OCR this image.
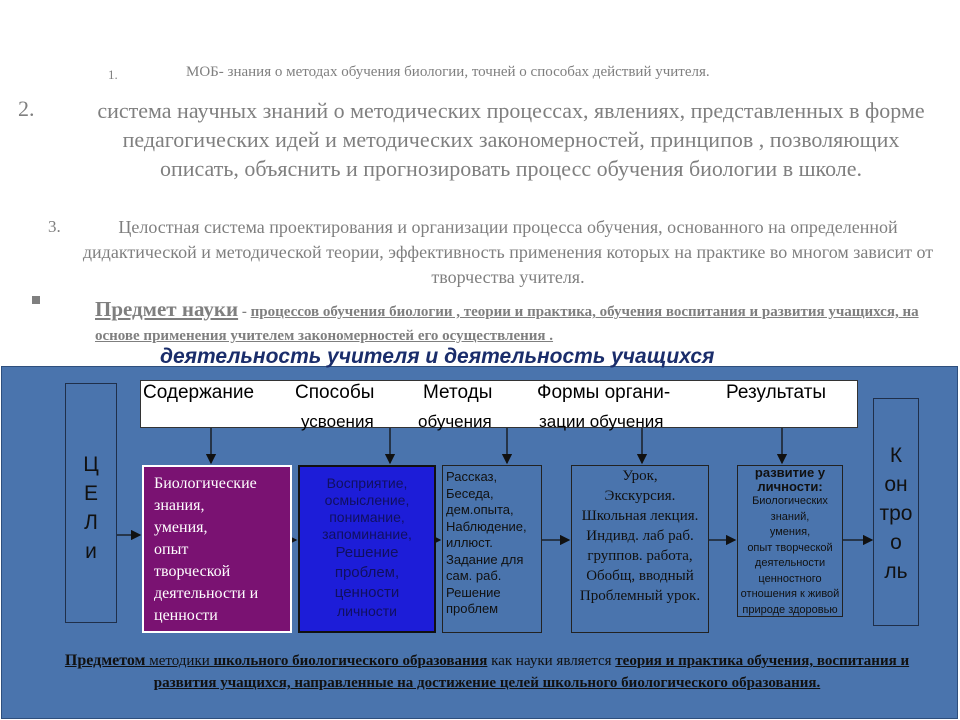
1.	МОБ- знания о методах обучения биологии, точней о способах действий учителя.
2.	система научных знаний о методических процессах, явлениях, представленных в форме педагогических идей и методических закономерностей, принципов , позволяющих описать, объяснить и прогнозировать процесс обучения биологии в школе.
3.	Целостная система проектирования и организации процесса обучения, основанного на определенной дидактической и методической теории, эффективность применения которых на практике во многом зависит от творчества учителя.
Предмет науки - процессов обучения биологии , теории и практика, обучения воспитания и развития учащихся, на основе применения учителем закономерностей его осуществления .
деятельность учителя и деятельность учащихся
Содержание Способы
усвоения
Методы
обучения
Формы органи-
зации обучения
Результаты
Ц
Е
Л
и
К
он
тро
о
ль
Биологические
знания,
умения,
опыт
творческой
деятельности и
ценности
Восприятие,
осмысление,
понимание,
запоминание,
Решение
проблем,
ценности
личности
Рассказ,
Беседа,
дем.опыта,
Наблюдение,
иллюст.
Задание для
сам. раб.
Решение
проблем
Урок,
Экскурсия.
Школьная лекция.
Индивд. лаб раб.
группов. работа,
Обобщ, вводный
Проблемный урок.
развитие у личности:
Биологических
знаний,
умения,
опыт творческой
деятельности
ценностного
отношения к живой
природе здоровью
Предметом методики школьного биологического образования как науки является теория и практика обучения, воспитания и развития учащихся, направленные на достижение целей школьного биологического образования.
